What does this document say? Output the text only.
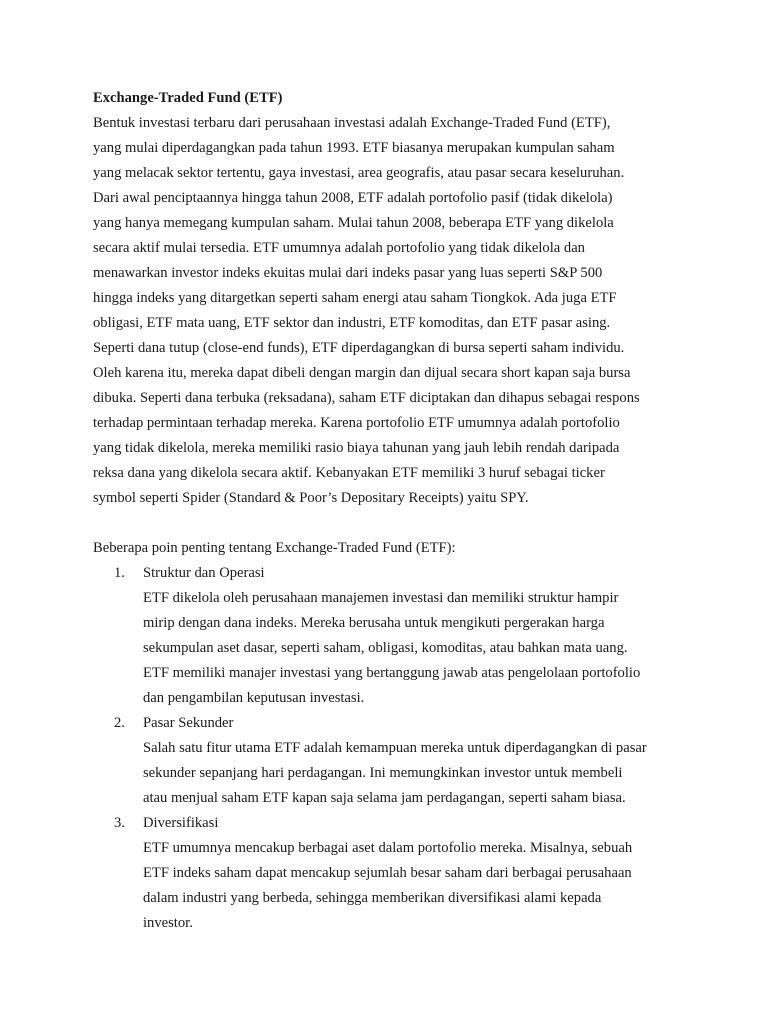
Exchange-Traded Fund (ETF)
Bentuk investasi terbaru dari perusahaan investasi adalah Exchange-Traded Fund (ETF),
yang mulai diperdagangkan pada tahun 1993. ETF biasanya merupakan kumpulan saham
yang melacak sektor tertentu, gaya investasi, area geografis, atau pasar secara keseluruhan.
Dari awal penciptaannya hingga tahun 2008, ETF adalah portofolio pasif (tidak dikelola)
yang hanya memegang kumpulan saham. Mulai tahun 2008, beberapa ETF yang dikelola
secara aktif mulai tersedia. ETF umumnya adalah portofolio yang tidak dikelola dan
menawarkan investor indeks ekuitas mulai dari indeks pasar yang luas seperti S&P 500
hingga indeks yang ditargetkan seperti saham energi atau saham Tiongkok. Ada juga ETF
obligasi, ETF mata uang, ETF sektor dan industri, ETF komoditas, dan ETF pasar asing.
Seperti dana tutup (close-end funds), ETF diperdagangkan di bursa seperti saham individu.
Oleh karena itu, mereka dapat dibeli dengan margin dan dijual secara short kapan saja bursa
dibuka. Seperti dana terbuka (reksadana), saham ETF diciptakan dan dihapus sebagai respons
terhadap permintaan terhadap mereka. Karena portofolio ETF umumnya adalah portofolio
yang tidak dikelola, mereka memiliki rasio biaya tahunan yang jauh lebih rendah daripada
reksa dana yang dikelola secara aktif. Kebanyakan ETF memiliki 3 huruf sebagai ticker
symbol seperti Spider (Standard & Poor’s Depositary Receipts) yaitu SPY.
Beberapa poin penting tentang Exchange-Traded Fund (ETF):
1. Struktur dan Operasi
ETF dikelola oleh perusahaan manajemen investasi dan memiliki struktur hampir
mirip dengan dana indeks. Mereka berusaha untuk mengikuti pergerakan harga
sekumpulan aset dasar, seperti saham, obligasi, komoditas, atau bahkan mata uang.
ETF memiliki manajer investasi yang bertanggung jawab atas pengelolaan portofolio
dan pengambilan keputusan investasi.
2. Pasar Sekunder
Salah satu fitur utama ETF adalah kemampuan mereka untuk diperdagangkan di pasar
sekunder sepanjang hari perdagangan. Ini memungkinkan investor untuk membeli
atau menjual saham ETF kapan saja selama jam perdagangan, seperti saham biasa.
3. Diversifikasi
ETF umumnya mencakup berbagai aset dalam portofolio mereka. Misalnya, sebuah
ETF indeks saham dapat mencakup sejumlah besar saham dari berbagai perusahaan
dalam industri yang berbeda, sehingga memberikan diversifikasi alami kepada
investor.
